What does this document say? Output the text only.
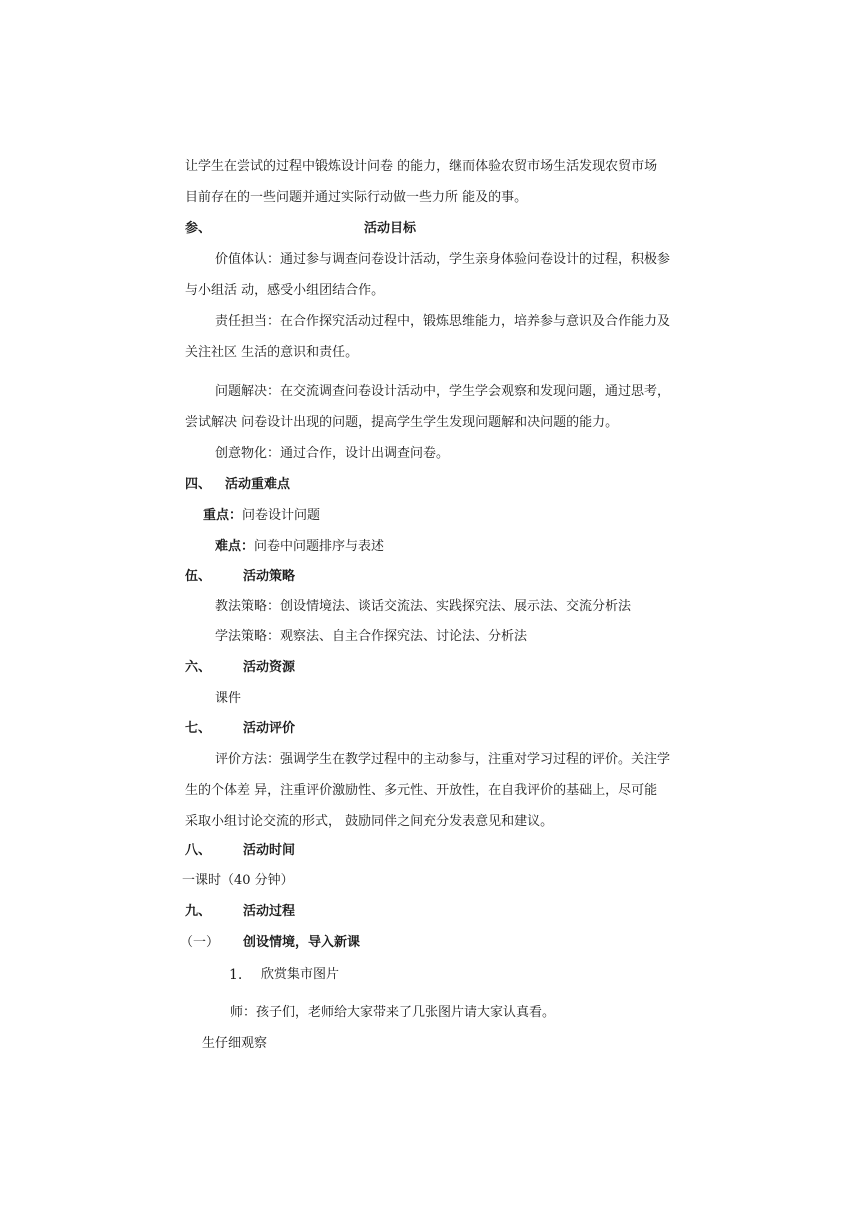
让学生在尝试的过程中锻炼设计问卷 的能力，继而体验农贸市场生活发现农贸市场
目前存在的一些问题并通过实际行动做一些力所 能及的事。
参、	活动目标
价值体认：通过参与调查问卷设计活动，学生亲身体验问卷设计的过程，积极参
与小组活 动，感受小组团结合作。
责任担当：在合作探究活动过程中，锻炼思维能力，培养参与意识及合作能力及
关注社区 生活的意识和责任。
问题解决：在交流调查问卷设计活动中，学生学会观察和发现问题，通过思考，
尝试解决 问卷设计出现的问题，提高学生学生发现问题解和决问题的能力。
创意物化：通过合作，设计出调查问卷。
四、 活动重难点
重点：问卷设计问题
难点：问卷中问题排序与表述
伍、 活动策略
教法策略：创设情境法、谈话交流法、实践探究法、展示法、交流分析法
学法策略：观察法、自主合作探究法、讨论法、分析法
六、 活动资源
课件
七、 活动评价
评价方法：强调学生在教学过程中的主动参与，注重对学习过程的评价。关注学
生的个体差 异，注重评价激励性、多元性、开放性，在自我评价的基础上，尽可能
采取小组讨论交流的形式， 鼓励同伴之间充分发表意见和建议。
八、 活动时间
一课时（40 分钟）
九、 活动过程
（一） 创设情境，导入新课
1. 欣赏集市图片
师：孩子们，老师给大家带来了几张图片请大家认真看。
生仔细观察
